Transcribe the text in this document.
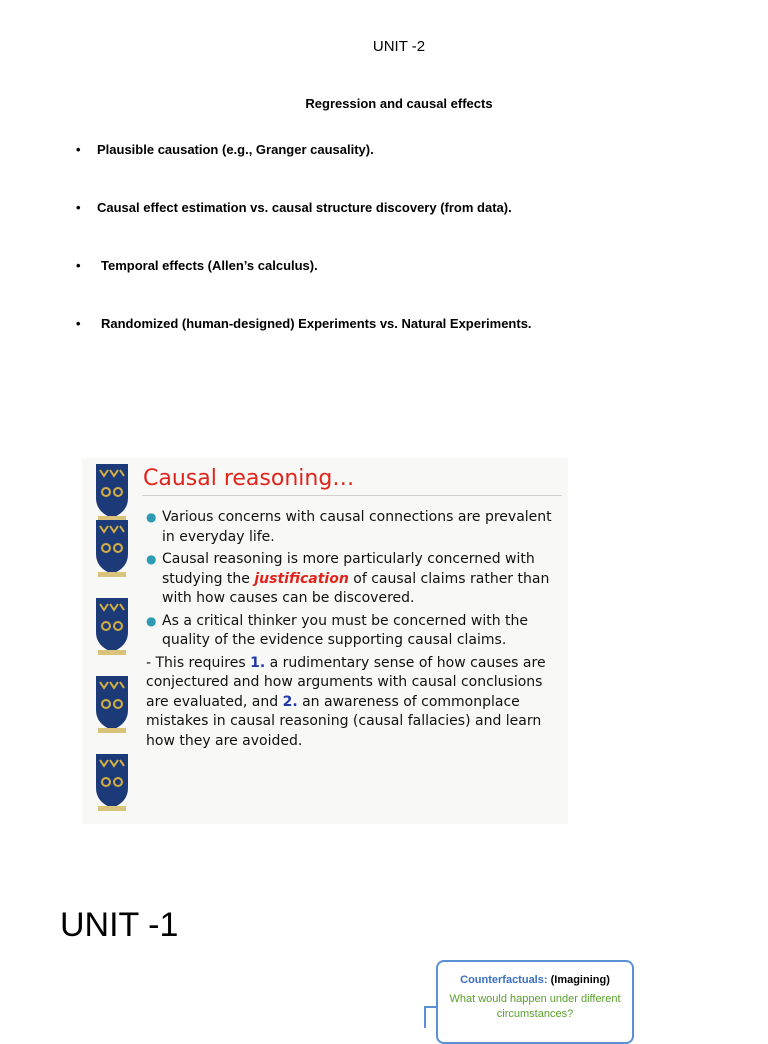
UNIT -2
Regression and causal effects
• Plausible causation (e.g., Granger causality).
• Causal effect estimation vs. causal structure discovery (from data).
• Temporal effects (Allen’s calculus).
• Randomized (human-designed) Experiments vs. Natural Experiments.
Causal reasoning…
● Various concerns with causal connections are prevalent in everyday life.
● Causal reasoning is more particularly concerned with studying the justification of causal claims rather than with how causes can be discovered.
● As a critical thinker you must be concerned with the quality of the evidence supporting causal claims.
- This requires 1. a rudimentary sense of how causes are conjectured and how arguments with causal conclusions are evaluated, and 2. an awareness of commonplace mistakes in causal reasoning (causal fallacies) and learn how they are avoided.
UNIT -1
Counterfactuals: (Imagining)
What would happen under different circumstances?
